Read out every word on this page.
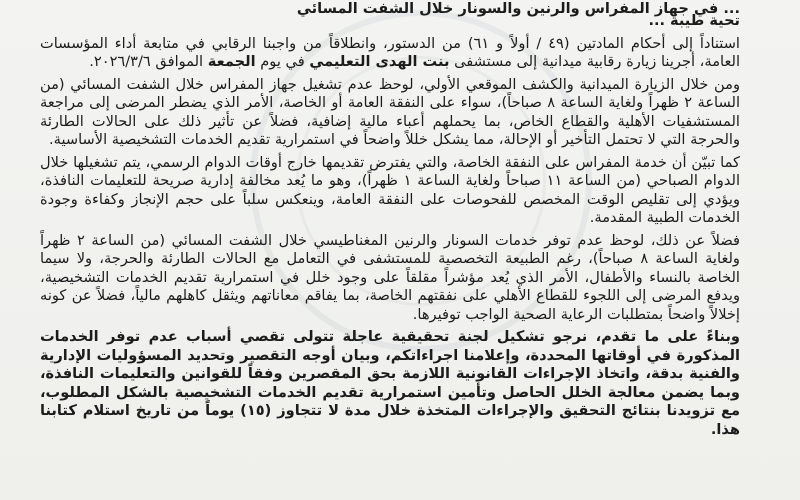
... في جهاز المفراس والرنين والسونار خلال الشفت المسائي

تحية طيبة ...

استناداً إلى أحكام المادتين (٤٩ / أولاً و ٦١) من الدستور، وانطلاقاً من واجبنا الرقابي في متابعة أداء المؤسسات العامة، أجرينا زيارة رقابية ميدانية إلى مستشفى بنت الهدى التعليمي في يوم الجمعة الموافق ٢٠٢٦/٣/٦.

ومن خلال الزيارة الميدانية والكشف الموقعي الأولي، لوحظ عدم تشغيل جهاز المفراس خلال الشفت المسائي (من الساعة ٢ ظهراً ولغاية الساعة ٨ صباحاً)، سواء على النفقة العامة أو الخاصة، الأمر الذي يضطر المرضى إلى مراجعة المستشفيات الأهلية والقطاع الخاص، بما يحملهم أعباء مالية إضافية، فضلاً عن تأثير ذلك على الحالات الطارئة والحرجة التي لا تحتمل التأخير أو الإحالة، مما يشكل خللاً واضحاً في استمرارية تقديم الخدمات التشخيصية الأساسية.

كما تبيّن أن خدمة المفراس على النفقة الخاصة، والتي يفترض تقديمها خارج أوقات الدوام الرسمي، يتم تشغيلها خلال الدوام الصباحي (من الساعة ١١ صباحاً ولغاية الساعة ١ ظهراً)، وهو ما يُعد مخالفة إدارية صريحة للتعليمات النافذة، ويؤدي إلى تقليص الوقت المخصص للفحوصات على النفقة العامة، وينعكس سلباً على حجم الإنجاز وكفاءة وجودة الخدمات الطبية المقدمة.

فضلاً عن ذلك، لوحظ عدم توفر خدمات السونار والرنين المغناطيسي خلال الشفت المسائي (من الساعة ٢ ظهراً ولغاية الساعة ٨ صباحاً)، رغم الطبيعة التخصصية للمستشفى في التعامل مع الحالات الطارئة والحرجة، ولا سيما الخاصة بالنساء والأطفال، الأمر الذي يُعد مؤشراً مقلقاً على وجود خلل في استمرارية تقديم الخدمات التشخيصية، ويدفع المرضى إلى اللجوء للقطاع الأهلي على نفقتهم الخاصة، بما يفاقم معاناتهم ويثقل كاهلهم مالياً، فضلاً عن كونه إخلالاً واضحاً بمتطلبات الرعاية الصحية الواجب توفيرها.

وبناءً على ما تقدم، نرجو تشكيل لجنة تحقيقية عاجلة تتولى تقصي أسباب عدم توفر الخدمات المذكورة في أوقاتها المحددة، وإعلامنا اجراءاتكم، وبيان أوجه التقصير وتحديد المسؤوليات الإدارية والفنية بدقة، واتخاذ الإجراءات القانونية اللازمة بحق المقصرين وفقاً للقوانين والتعليمات النافذة، وبما يضمن معالجة الخلل الحاصل وتأمين استمرارية تقديم الخدمات التشخيصية بالشكل المطلوب، مع تزويدنا بنتائج التحقيق والإجراءات المتخذة خلال مدة لا تتجاوز (١٥) يوماً من تاريخ استلام كتابنا هذا.
